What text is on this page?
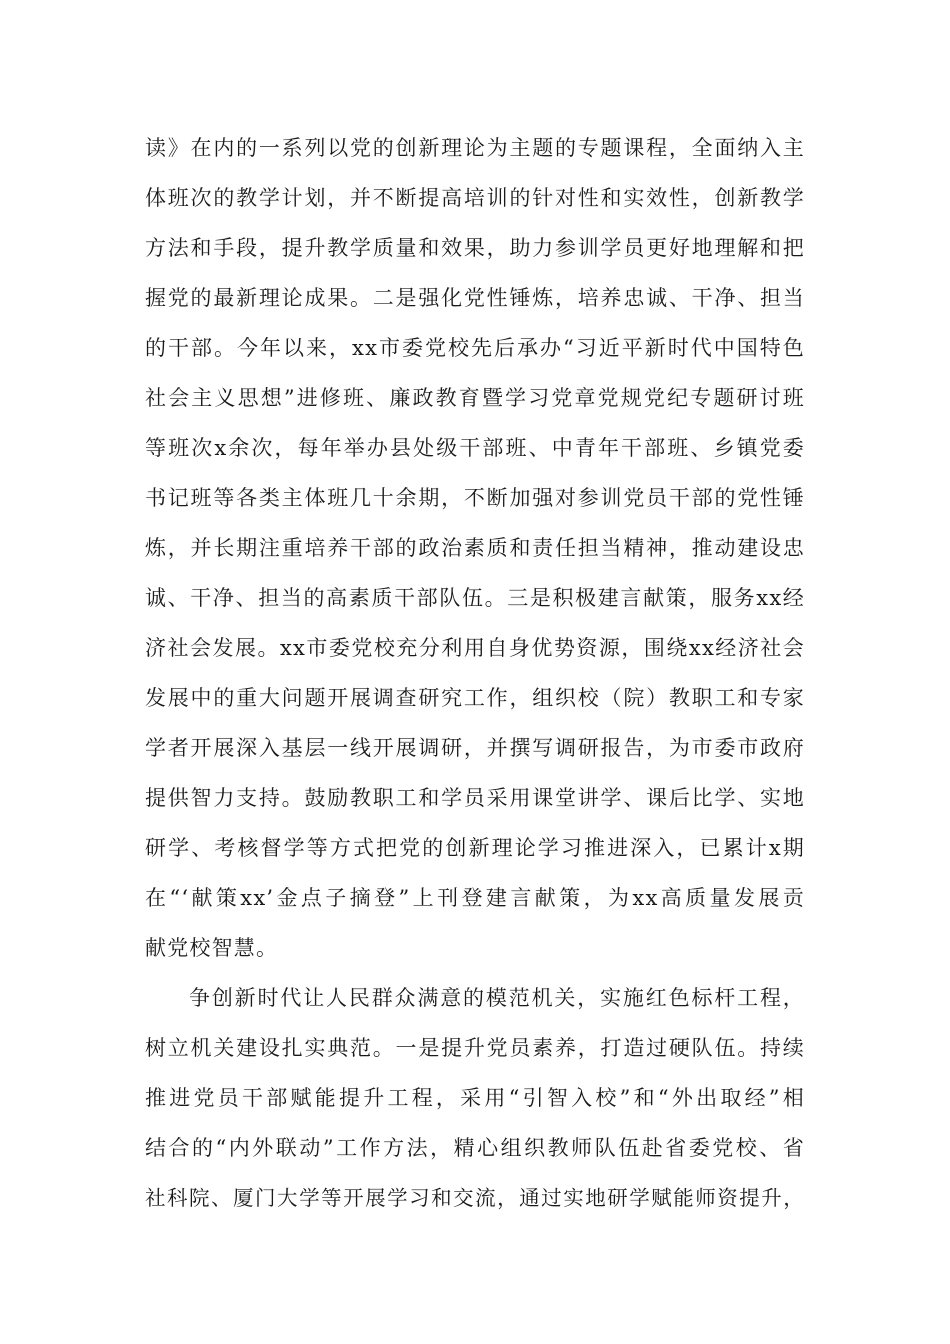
读》在内的一系列以党的创新理论为主题的专题课程，全面纳入主
体班次的教学计划，并不断提高培训的针对性和实效性，创新教学
方法和手段，提升教学质量和效果，助力参训学员更好地理解和把
握党的最新理论成果。二是强化党性锤炼，培养忠诚、干净、担当
的干部。今年以来，xx市委党校先后承办“习近平新时代中国特色
社会主义思想”进修班、廉政教育暨学习党章党规党纪专题研讨班
等班次x余次，每年举办县处级干部班、中青年干部班、乡镇党委
书记班等各类主体班几十余期，不断加强对参训党员干部的党性锤
炼，并长期注重培养干部的政治素质和责任担当精神，推动建设忠
诚、干净、担当的高素质干部队伍。三是积极建言献策，服务xx经
济社会发展。xx市委党校充分利用自身优势资源，围绕xx经济社会
发展中的重大问题开展调查研究工作，组织校（院）教职工和专家
学者开展深入基层一线开展调研，并撰写调研报告，为市委市政府
提供智力支持。鼓励教职工和学员采用课堂讲学、课后比学、实地
研学、考核督学等方式把党的创新理论学习推进深入，已累计x期
在“‘献策xx’金点子摘登”上刊登建言献策，为xx高质量发展贡
献党校智慧。
争创新时代让人民群众满意的模范机关，实施红色标杆工程，
树立机关建设扎实典范。一是提升党员素养，打造过硬队伍。持续
推进党员干部赋能提升工程，采用“引智入校”和“外出取经”相
结合的“内外联动”工作方法，精心组织教师队伍赴省委党校、省
社科院、厦门大学等开展学习和交流，通过实地研学赋能师资提升，
